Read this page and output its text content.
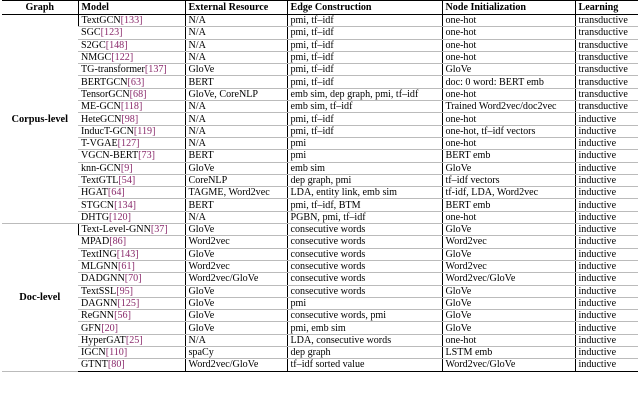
Graph	Model	External Resource	Edge Construction	Node Initialization	Learning
Corpus-level	TextGCN[133]	N/A	pmi, tf–idf	one-hot	transductive
	SGC[123]	N/A	pmi, tf–idf	one-hot	transductive
	S2GC[148]	N/A	pmi, tf–idf	one-hot	transductive
	NMGC[122]	N/A	pmi, tf–idf	one-hot	transductive
	TG-transformer[137]	GloVe	pmi, tf–idf	GloVe	transductive
	BERTGCN[63]	BERT	pmi, tf–idf	doc: 0 word: BERT emb	transductive
	TensorGCN[68]	GloVe, CoreNLP	emb sim, dep graph, pmi, tf–idf	one-hot	transductive
	ME-GCN[118]	N/A	emb sim, tf–idf	Trained Word2vec/doc2vec	transductive
	HeteGCN[98]	N/A	pmi, tf–idf	one-hot	inductive
	InducT-GCN[119]	N/A	pmi, tf–idf	one-hot, tf–idf vectors	inductive
	T-VGAE[127]	N/A	pmi	one-hot	inductive
	VGCN-BERT[73]	BERT	pmi	BERT emb	inductive
	knn-GCN[9]	GloVe	emb sim	GloVe	inductive
	TextGTL[54]	CoreNLP	dep graph, pmi	tf–idf vectors	inductive
	HGAT[64]	TAGME, Word2vec	LDA, entity link, emb sim	tf-idf, LDA, Word2vec	inductive
	STGCN[134]	BERT	pmi, tf–idf, BTM	BERT emb	inductive
	DHTG[120]	N/A	PGBN, pmi, tf–idf	one-hot	inductive
Doc-level	Text-Level-GNN[37]	GloVe	consecutive words	GloVe	inductive
	MPAD[86]	Word2vec	consecutive words	Word2vec	inductive
	TextING[143]	GloVe	consecutive words	GloVe	inductive
	MLGNN[61]	Word2vec	consecutive words	Word2vec	inductive
	DADGNN[70]	Word2vec/GloVe	consecutive words	Word2vec/GloVe	inductive
	TextSSL[95]	GloVe	consecutive words	GloVe	inductive
	DAGNN[125]	GloVe	pmi	GloVe	inductive
	ReGNN[56]	GloVe	consecutive words, pmi	GloVe	inductive
	GFN[20]	GloVe	pmi, emb sim	GloVe	inductive
	HyperGAT[25]	N/A	LDA, consecutive words	one-hot	inductive
	IGCN[110]	spaCy	dep graph	LSTM emb	inductive
	GTNT[80]	Word2vec/GloVe	tf–idf sorted value	Word2vec/GloVe	inductive
